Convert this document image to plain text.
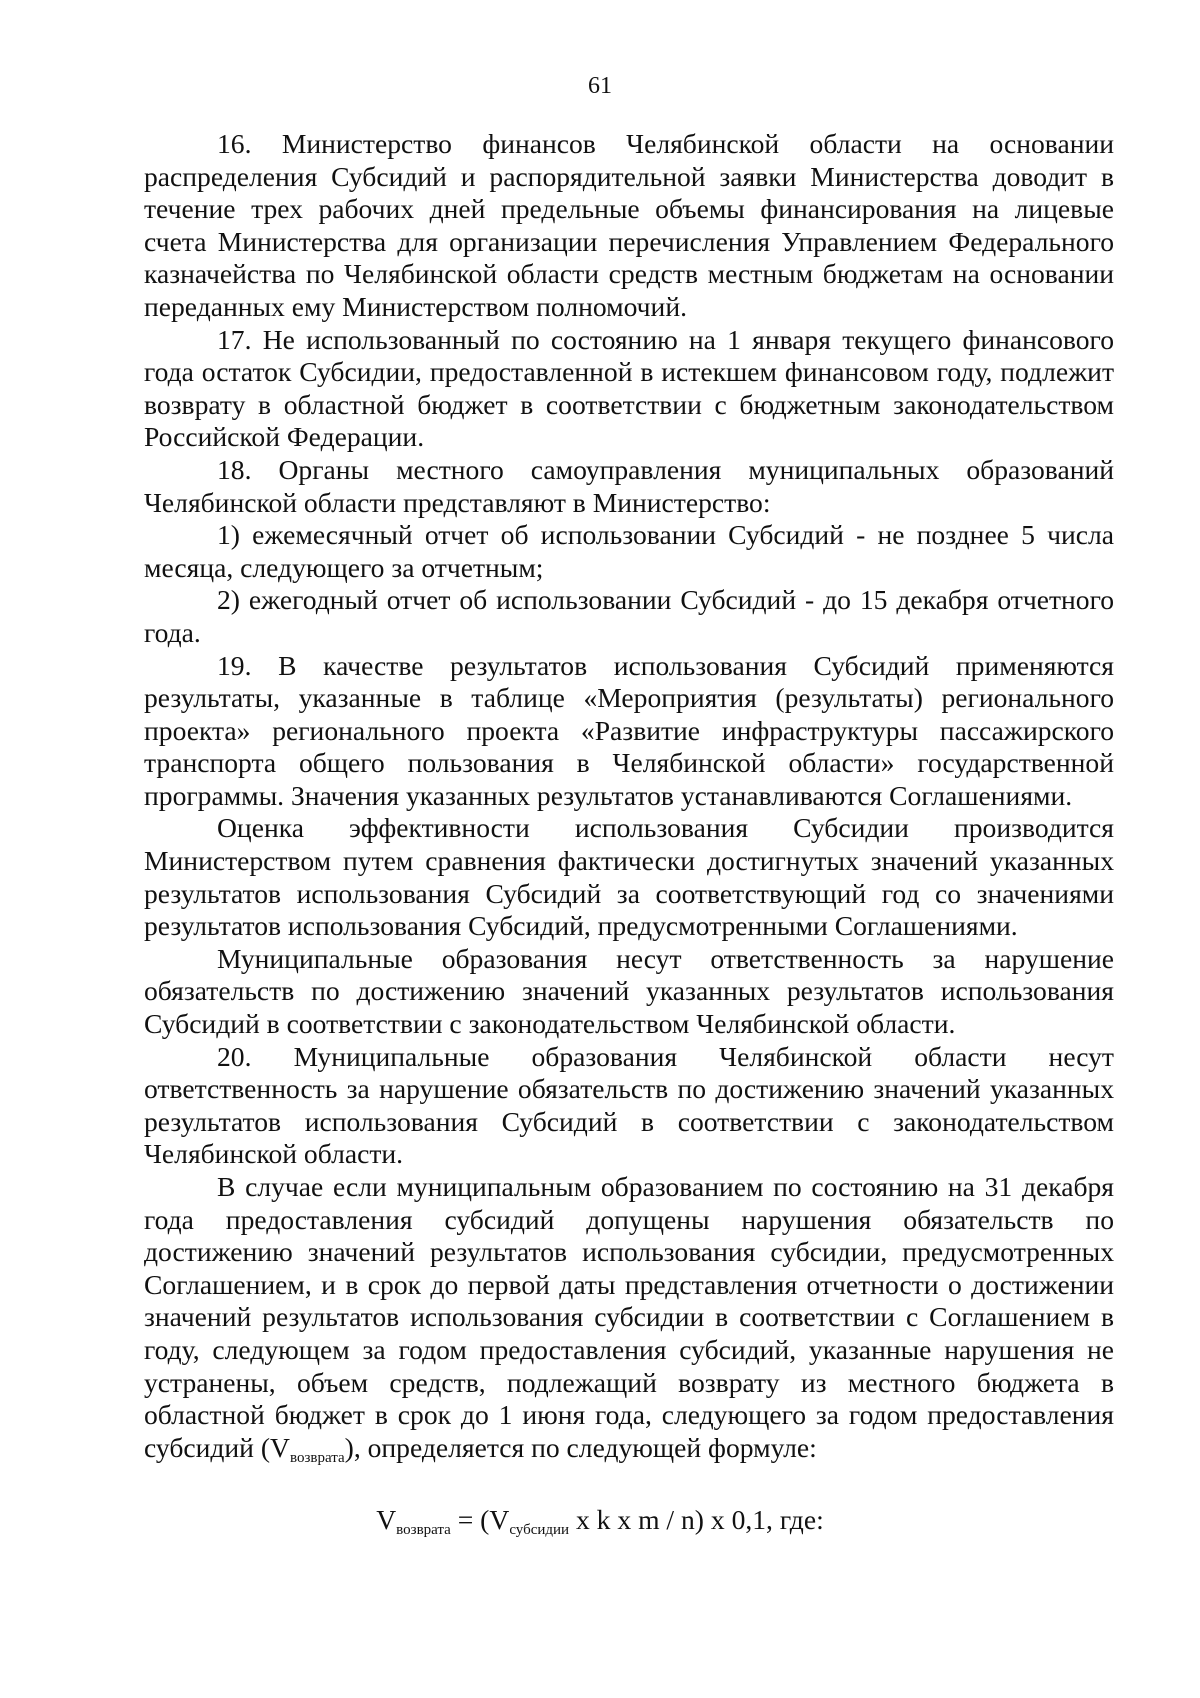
61

16. Министерство финансов Челябинской области на основании распределения Субсидий и распорядительной заявки Министерства доводит в течение трех рабочих дней предельные объемы финансирования на лицевые счета Министерства для организации перечисления Управлением Федерального казначейства по Челябинской области средств местным бюджетам на основании переданных ему Министерством полномочий.

17. Не использованный по состоянию на 1 января текущего финансового года остаток Субсидии, предоставленной в истекшем финансовом году, подлежит возврату в областной бюджет в соответствии с бюджетным законодательством Российской Федерации.

18. Органы местного самоуправления муниципальных образований Челябинской области представляют в Министерство:

1) ежемесячный отчет об использовании Субсидий - не позднее 5 числа месяца, следующего за отчетным;

2) ежегодный отчет об использовании Субсидий - до 15 декабря отчетного года.

19. В качестве результатов использования Субсидий применяются результаты, указанные в таблице «Мероприятия (результаты) регионального проекта» регионального проекта «Развитие инфраструктуры пассажирского транспорта общего пользования в Челябинской области» государственной программы. Значения указанных результатов устанавливаются Соглашениями.

Оценка эффективности использования Субсидии производится Министерством путем сравнения фактически достигнутых значений указанных результатов использования Субсидий за соответствующий год со значениями результатов использования Субсидий, предусмотренными Соглашениями.

Муниципальные образования несут ответственность за нарушение обязательств по достижению значений указанных результатов использования Субсидий в соответствии с законодательством Челябинской области.

20. Муниципальные образования Челябинской области несут ответственность за нарушение обязательств по достижению значений указанных результатов использования Субсидий в соответствии с законодательством Челябинской области.

В случае если муниципальным образованием по состоянию на 31 декабря года предоставления субсидий допущены нарушения обязательств по достижению значений результатов использования субсидии, предусмотренных Соглашением, и в срок до первой даты представления отчетности о достижении значений результатов использования субсидии в соответствии с Соглашением в году, следующем за годом предоставления субсидий, указанные нарушения не устранены, объем средств, подлежащий возврату из местного бюджета в областной бюджет в срок до 1 июня года, следующего за годом предоставления субсидий $(V_{возврата})$, определяется по следующей формуле:

$V_{возврата} = (V_{субсидии}$ x k x m / n) x 0,1, где:
